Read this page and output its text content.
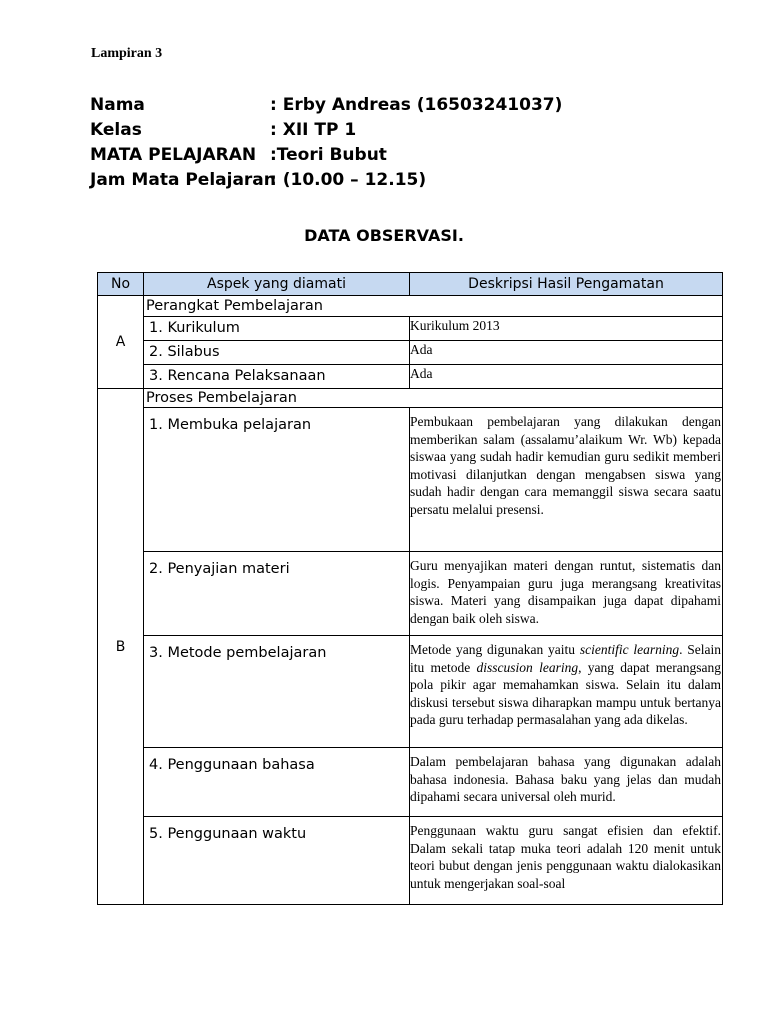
Lampiran 3
Nama	: Erby Andreas (16503241037)
Kelas	: XII TP 1
MATA PELAJARAN :Teori Bubut
Jam Mata Pelajaran
: (10.00 – 12.15)
DATA OBSERVASI.
No	Aspek yang diamati	Deskripsi Hasil Pengamatan
A	Perangkat Pembelajaran	
	1. Kurikulum	Kurikulum 2013
	2. Silabus	Ada

	3. Rencana Pelaksanaan	Ada
B	Proses Pembelajaran	
	1. Membuka pelajaran	Pembukaan pembelajaran yang dilakukan dengan memberikan salam (assalamu’alaikum Wr. Wb) kepada siswaa yang sudah hadir kemudian guru sedikit memberi motivasi dilanjutkan dengan mengabsen siswa yang sudah hadir dengan cara memanggil siswa secara saatu persatu melalui presensi.
	2. Penyajian materi	Guru menyajikan materi dengan runtut, sistematis dan logis. Penyampaian guru juga merangsang kreativitas siswa. Materi yang disampaikan juga dapat dipahami dengan baik oleh siswa.
	3. Metode pembelajaran	Metode yang digunakan yaitu scientific learning. Selain itu metode disscusion learing, yang dapat merangsang pola pikir agar memahamkan siswa. Selain itu dalam diskusi tersebut siswa diharapkan mampu untuk bertanya pada guru terhadap permasalahan yang ada dikelas.
	4. Penggunaan bahasa	Dalam pembelajaran bahasa yang digunakan adalah bahasa indonesia. Bahasa baku yang jelas dan mudah dipahami secara universal oleh murid.
	5. Penggunaan waktu	Penggunaan waktu guru sangat efisien dan efektif. Dalam sekali tatap muka teori adalah 120 menit untuk teori bubut dengan jenis penggunaan waktu dialokasikan untuk mengerjakan soal-soal
